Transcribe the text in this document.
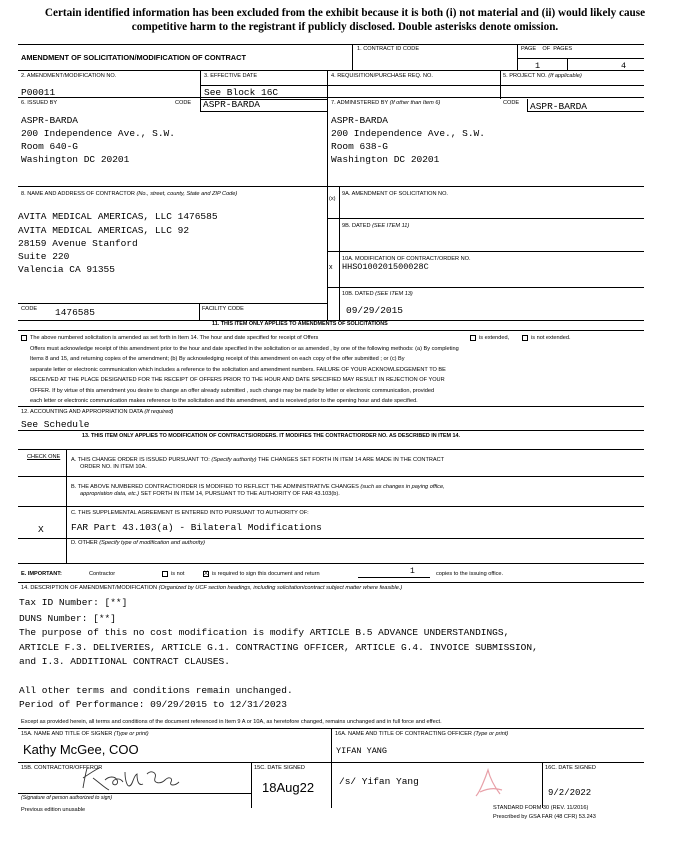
Certain identified information has been excluded from the exhibit because it is both (i) not material and (ii) would likely cause competitive harm to the registrant if publicly disclosed. Double asterisks denote omission.
AMENDMENT OF SOLICITATION/MODIFICATION OF CONTRACT
1. CONTRACT ID CODE	PAGE OF PAGES
1	4
2. AMENDMENT/MODIFICATION NO.
P00011
3. EFFECTIVE DATE
See Block 16C
4. REQUISITION/PURCHASE REQ. NO.	5. PROJECT NO. (If applicable)
6. ISSUED BY	CODE ASPR-BARDA
ASPR-BARDA
200 Independence Ave., S.W.
Room 640-G
Washington DC 20201
7. ADMINISTERED BY (If other than Item 6)	CODE ASPR-BARDA
ASPR-BARDA
200 Independence Ave., S.W.
Room 638-G
Washington DC 20201
8. NAME AND ADDRESS OF CONTRACTOR (No., street, county, State and ZIP Code)
AVITA MEDICAL AMERICAS, LLC 1476585
AVITA MEDICAL AMERICAS, LLC 92
28159 Avenue Stanford
Suite 220
Valencia CA 91355
(x)
9A. AMENDMENT OF SOLICITATION NO.
9B. DATED (SEE ITEM 11)
x
10A. MODIFICATION OF CONTRACT/ORDER NO.
HHSO100201500028C
10B. DATED (SEE ITEM 13)
09/29/2015
CODE 1476585	FACILITY CODE
11. THIS ITEM ONLY APPLIES TO AMENDMENTS OF SOLICITATIONS
The above numbered solicitation is amended as set forth in Item 14. The hour and date specified for receipt of Offers	is extended,	is not extended.
Offers must acknowledge receipt of this amendment prior to the hour and date specified in the solicitation or as amended , by one of the following methods: (a) By completing
Items 8 and 15, and returning copies of the amendment; (b) By acknowledging receipt of this amendment on each copy of the offer submitted ; or (c) By
separate letter or electronic communication which includes a reference to the solicitation and amendment numbers. FAILURE OF YOUR ACKNOWLEDGEMENT TO BE
RECEIVED AT THE PLACE DESIGNATED FOR THE RECEIPT OF OFFERS PRIOR TO THE HOUR AND DATE SPECIFIED MAY RESULT IN REJECTION OF YOUR
OFFER. If by virtue of this amendment you desire to change an offer already submitted , such change may be made by letter or electronic communication, provided
each letter or electronic communication makes reference to the solicitation and this amendment, and is received prior to the opening hour and date specified.
12. ACCOUNTING AND APPROPRIATION DATA (If required)
See Schedule
13. THIS ITEM ONLY APPLIES TO MODIFICATION OF CONTRACTS/ORDERS. IT MODIFIES THE CONTRACT/ORDER NO. AS DESCRIBED IN ITEM 14.
CHECK ONE A. THIS CHANGE ORDER IS ISSUED PURSUANT TO: (Specify authority) THE CHANGES SET FORTH IN ITEM 14 ARE MADE IN THE CONTRACT
ORDER NO. IN ITEM 10A.
B. THE ABOVE NUMBERED CONTRACT/ORDER IS MODIFIED TO REFLECT THE ADMINISTRATIVE CHANGES (such as changes in paying office,
appropriation data, etc.) SET FORTH IN ITEM 14, PURSUANT TO THE AUTHORITY OF FAR 43.103(b).
C. THIS SUPPLEMENTAL AGREEMENT IS ENTERED INTO PURSUANT TO AUTHORITY OF:
X	FAR Part 43.103(a) - Bilateral Modifications
D. OTHER (Specify type of modification and authority)
E. IMPORTANT:	Contractor	is not	X is required to sign this document and return	1	copies to the issuing office.
14. DESCRIPTION OF AMENDMENT/MODIFICATION (Organized by UCF section headings, including solicitation/contract subject matter where feasible.)
Tax ID Number: [**]
DUNS Number: [**]
The purpose of this no cost modification is modify ARTICLE B.5 ADVANCE UNDERSTANDINGS,
ARTICLE F.3. DELIVERIES, ARTICLE G.1. CONTRACTING OFFICER, ARTICLE G.4. INVOICE SUBMISSION,
and I.3. ADDITIONAL CONTRACT CLAUSES.
All other terms and conditions remain unchanged.
Period of Performance: 09/29/2015 to 12/31/2023
Except as provided herein, all terms and conditions of the document referenced in Item 9 A or 10A, as heretofore changed, remains unchanged and in full force and effect.
15A. NAME AND TITLE OF SIGNER (Type or print)
Kathy McGee, COO
16A. NAME AND TITLE OF CONTRACTING OFFICER (Type or print)
YIFAN YANG
15B. CONTRACTOR/OFFEROR
(Signature of person authorized to sign)
15C. DATE SIGNED
18Aug22	/s/ Yifan Yang
16C. DATE SIGNED
9/2/2022
Previous edition unusable	STANDARD FORM 30 (REV. 11/2016)
Prescribed by GSA FAR (48 CFR) 53.243
